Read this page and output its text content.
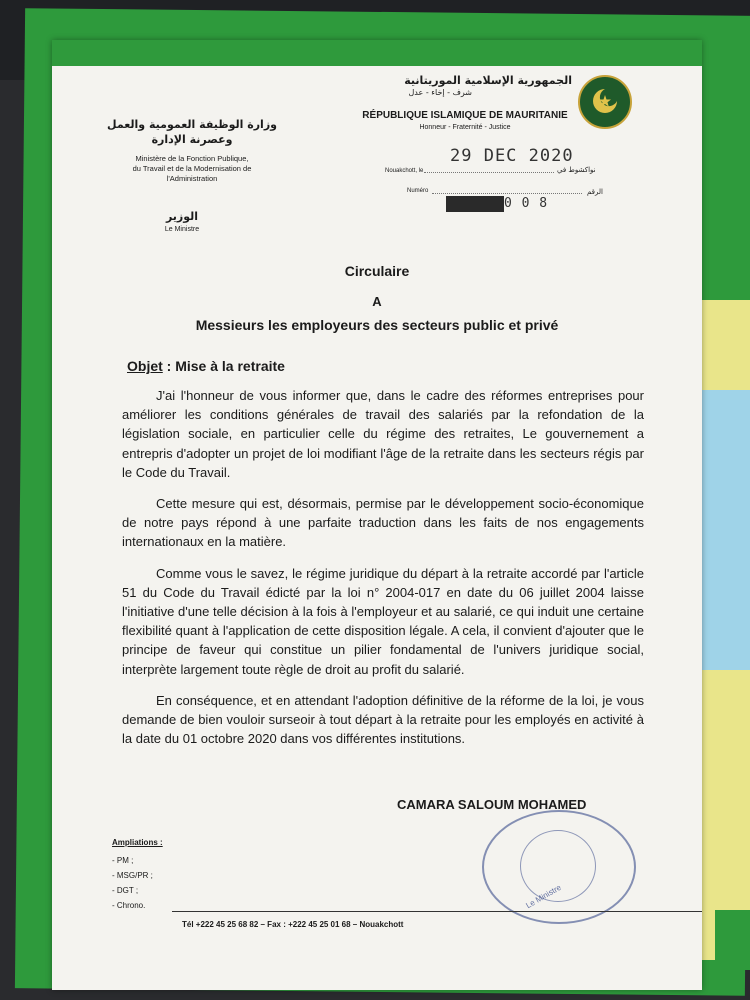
الجمهورية الإسلامية الموريتانية
شرف - إخاء - عدل
RÉPUBLIQUE ISLAMIQUE DE MAURITANIE
Honneur - Fraternité - Justice
وزارة الوظيفة العمومية والعمل
وعصرنة الإدارة
Ministère de la Fonction Publique,
du Travail et de la Modernisation de
l'Administration
الوزير
Le Ministre
29 DEC 2020
Nouakchott, le	نواكشوط في
Numéro	الرقم
0 0 8
Circulaire
A
Messieurs les employeurs des secteurs public et privé
Objet : Mise à la retraite

J'ai l'honneur de vous informer que, dans le cadre des réformes entreprises pour améliorer les conditions générales de travail des salariés par la refondation de la législation sociale, en particulier celle du régime des retraites, Le gouvernement a entrepris d'adopter un projet de loi modifiant l'âge de la retraite dans les secteurs régis par le Code du Travail.

Cette mesure qui est, désormais, permise par le développement socio-économique de notre pays répond à une parfaite traduction dans les faits de nos engagements internationaux en la matière.

Comme vous le savez, le régime juridique du départ à la retraite accordé par l'article 51 du Code du Travail édicté par la loi n° 2004-017 en date du 06 juillet 2004 laisse l'initiative d'une telle décision à la fois à l'employeur et au salarié, ce qui induit une certaine flexibilité quant à l'application de cette disposition légale. A cela, il convient d'ajouter que le principe de faveur qui constitue un pilier fondamental de l'univers juridique social, interprète largement toute règle de droit au profit du salarié.

En conséquence, et en attendant l'adoption définitive de la réforme de la loi, je vous demande de bien vouloir surseoir à tout départ à la retraite pour les employés en activité à la date du 01 octobre 2020 dans vos différentes institutions.

CAMARA SALOUM MOHAMED
Le Ministre
Ampliations :
- PM ;
- MSG/PR ;
- DGT ;
- Chrono.
Tél +222 45 25 68 82 – Fax : +222 45 25 01 68 – Nouakchott
